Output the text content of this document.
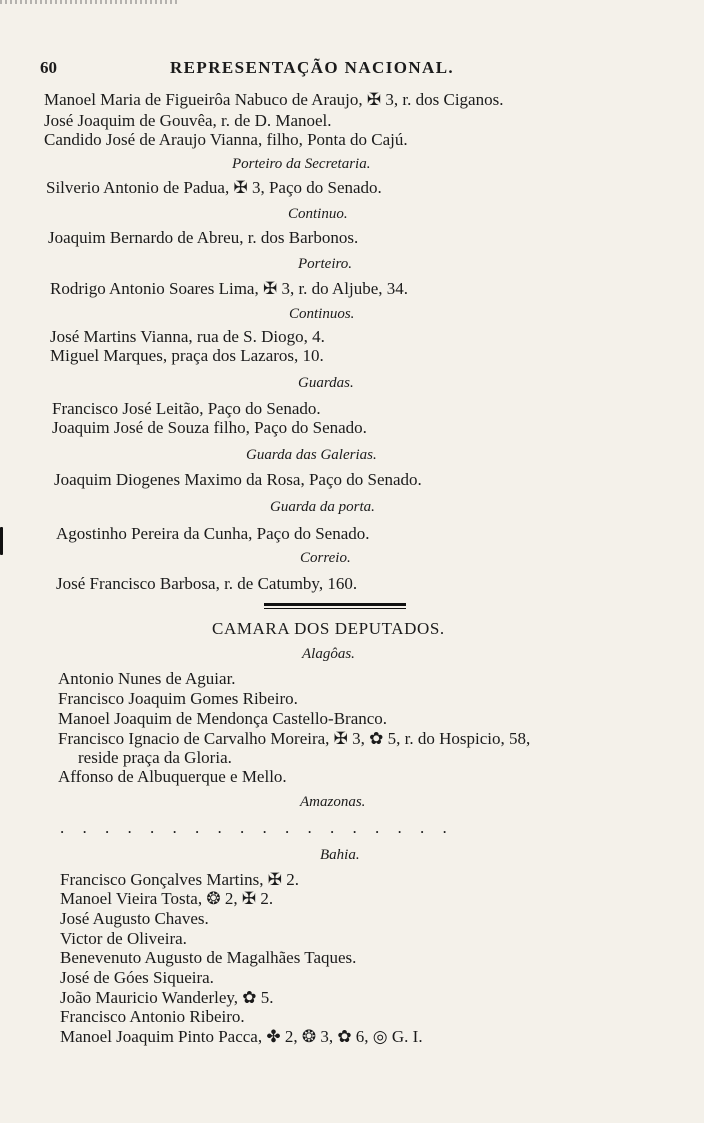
60	REPRESENTAÇÃO NACIONAL.
Manoel Maria de Figueirôa Nabuco de Araujo, ✠ 3, r. dos Ciganos.
José Joaquim de Gouvêa, r. de D. Manoel.
Candido José de Araujo Vianna, filho, Ponta do Cajú.
Porteiro da Secretaria.
Silverio Antonio de Padua, ✠ 3, Paço do Senado.
Continuo.
Joaquim Bernardo de Abreu, r. dos Barbonos.
Porteiro.
Rodrigo Antonio Soares Lima, ✠ 3, r. do Aljube, 34.
Continuos.
José Martins Vianna, rua de S. Diogo, 4.
Miguel Marques, praça dos Lazaros, 10.
Guardas.
Francisco José Leitão, Paço do Senado.
Joaquim José de Souza filho, Paço do Senado.
Guarda das Galerias.
Joaquim Diogenes Maximo da Rosa, Paço do Senado.
Guarda da porta.
Agostinho Pereira da Cunha, Paço do Senado.
Correio.
José Francisco Barbosa, r. de Catumby, 160.
CAMARA DOS DEPUTADOS.
Alagôas.
Antonio Nunes de Aguiar.
Francisco Joaquim Gomes Ribeiro.
Manoel Joaquim de Mendonça Castello-Branco.
Francisco Ignacio de Carvalho Moreira, ✠ 3, ✿ 5, r. do Hospicio, 58,
reside praça da Gloria.
Affonso de Albuquerque e Mello.
Amazonas.
. . . . . . . . . . . . . . . . . .
Bahia.
Francisco Gonçalves Martins, ✠ 2.
Manoel Vieira Tosta, ❂ 2, ✠ 2.
José Augusto Chaves.
Victor de Oliveira.
Benevenuto Augusto de Magalhães Taques.
José de Góes Siqueira.
João Mauricio Wanderley, ✿ 5.
Francisco Antonio Ribeiro.
Manoel Joaquim Pinto Pacca, ✤ 2, ❂ 3, ✿ 6, ◎ G. I.
